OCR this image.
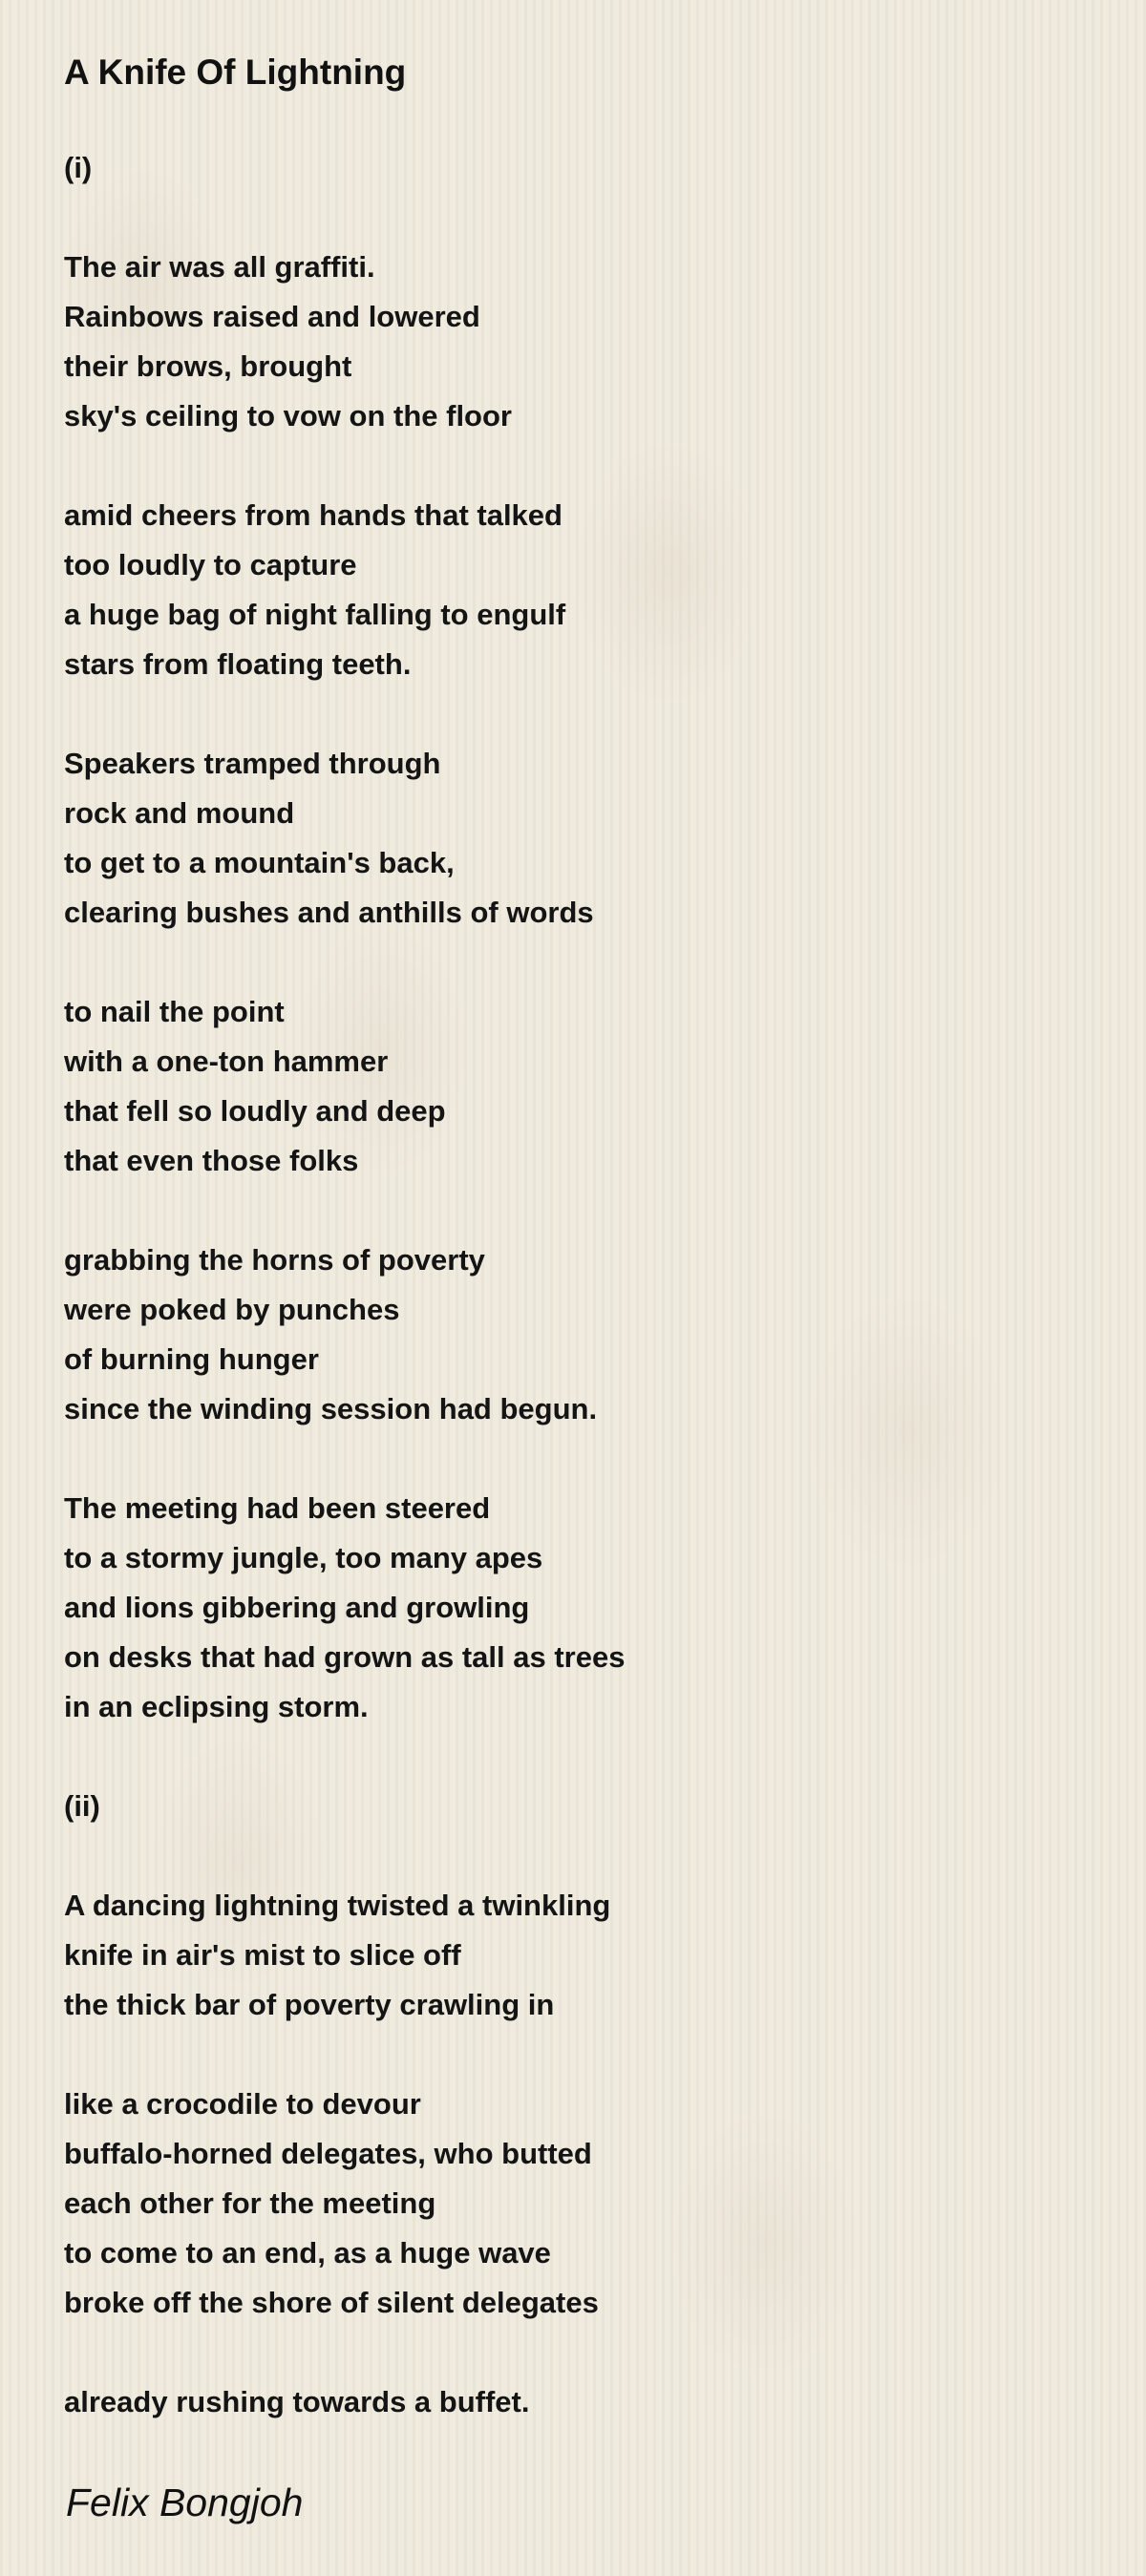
A Knife Of Lightning
(i)
The air was all graffiti.
Rainbows raised and lowered
their brows, brought
sky's ceiling to vow on the floor
amid cheers from hands that talked
too loudly to capture
a huge bag of night falling to engulf
stars from floating teeth.
Speakers tramped through
rock and mound
to get to a mountain's back,
clearing bushes and anthills of words
to nail the point
with a one-ton hammer
that fell so loudly and deep
that even those folks
grabbing the horns of poverty
were poked by punches
of burning hunger
since the winding session had begun.
The meeting had been steered
to a stormy jungle, too many apes
and lions gibbering and growling
on desks that had grown as tall as trees
in an eclipsing storm.
(ii)
A dancing lightning twisted a twinkling
knife in air's mist to slice off
the thick bar of poverty crawling in
like a crocodile to devour
buffalo-horned delegates, who butted
each other for the meeting
to come to an end, as a huge wave
broke off the shore of silent delegates
already rushing towards a buffet.
Felix Bongjoh
